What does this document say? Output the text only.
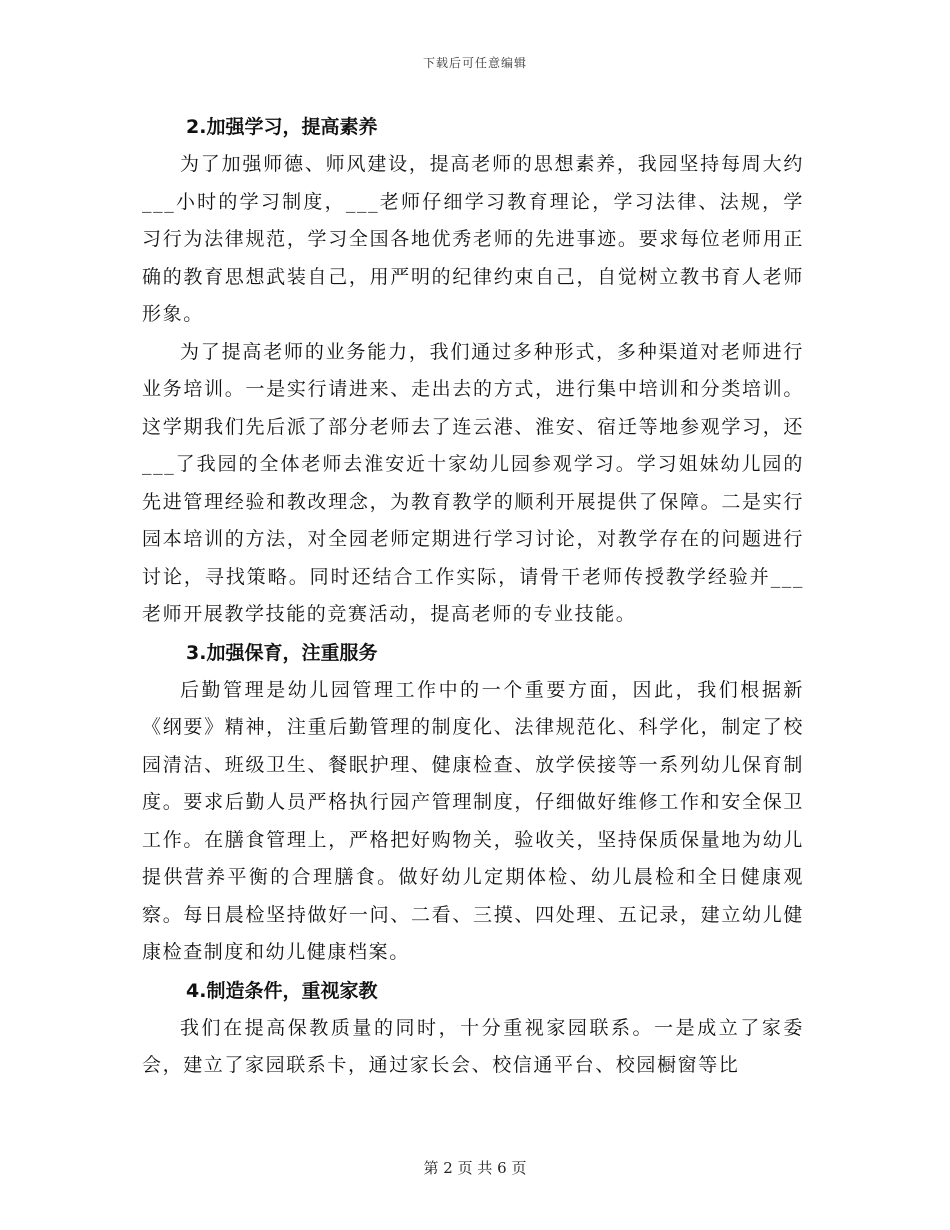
下载后可任意编辑
2.加强学习，提高素养

为了加强师德、师风建设，提高老师的思想素养，我园坚持每周大约___小时的学习制度，___老师仔细学习教育理论，学习法律、法规，学习行为法律规范，学习全国各地优秀老师的先进事迹。要求每位老师用正确的教育思想武装自己，用严明的纪律约束自己，自觉树立教书育人老师形象。

为了提高老师的业务能力，我们通过多种形式，多种渠道对老师进行业务培训。一是实行请进来、走出去的方式，进行集中培训和分类培训。这学期我们先后派了部分老师去了连云港、淮安、宿迁等地参观学习，还___了我园的全体老师去淮安近十家幼儿园参观学习。学习姐妹幼儿园的先进管理经验和教改理念，为教育教学的顺利开展提供了保障。二是实行园本培训的方法，对全园老师定期进行学习讨论，对教学存在的问题进行讨论，寻找策略。同时还结合工作实际，请骨干老师传授教学经验并___老师开展教学技能的竞赛活动，提高老师的专业技能。

3.加强保育，注重服务

后勤管理是幼儿园管理工作中的一个重要方面，因此，我们根据新《纲要》精神，注重后勤管理的制度化、法律规范化、科学化，制定了校园清洁、班级卫生、餐眠护理、健康检查、放学侯接等一系列幼儿保育制度。要求后勤人员严格执行园产管理制度，仔细做好维修工作和安全保卫工作。在膳食管理上，严格把好购物关，验收关，坚持保质保量地为幼儿提供营养平衡的合理膳食。做好幼儿定期体检、幼儿晨检和全日健康观察。每日晨检坚持做好一问、二看、三摸、四处理、五记录，建立幼儿健康检查制度和幼儿健康档案。

4.制造条件，重视家教

我们在提高保教质量的同时，十分重视家园联系。一是成立了家委会，建立了家园联系卡，通过家长会、校信通平台、校园橱窗等比

第 2 页 共 6 页
